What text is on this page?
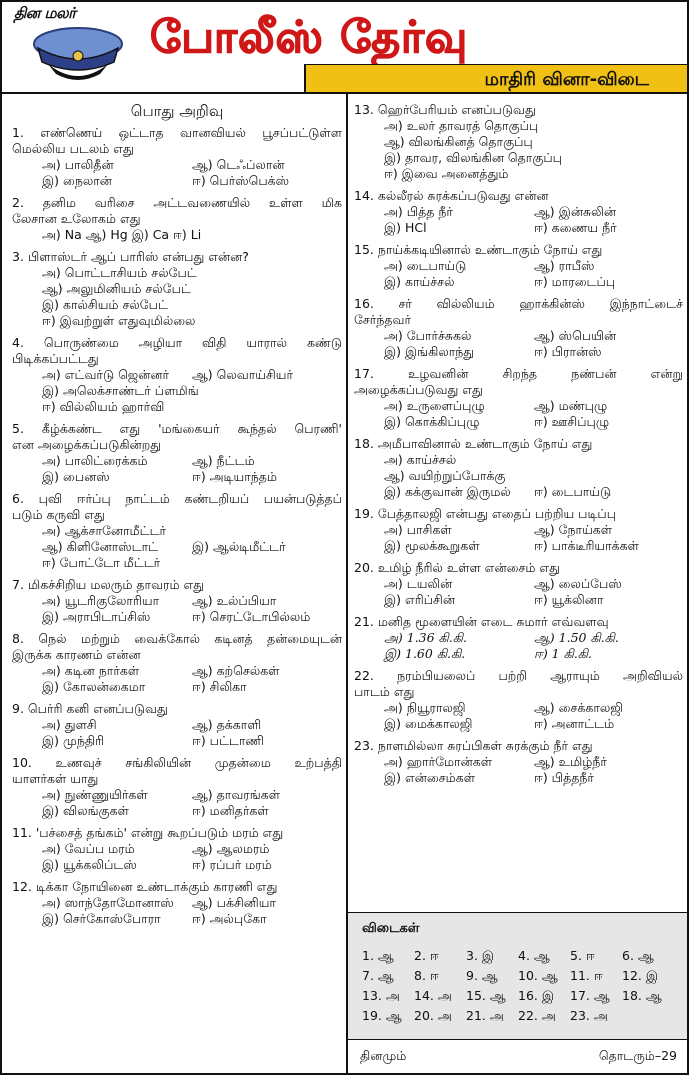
தின மலர் போலீஸ் தேர்வு
மாதிரி வினா-விடை
பொது அறிவு
1. எண்ணெய் ஒட்டாத வானவியல் பூசப்பட்டுள்ள
மெல்லிய படலம் எது
அ) பாலிதீன்	ஆ) டெஃப்லான்
இ) நைலான்	ஈ) பெர்ஸ்பெக்ஸ்
2. தனிம வரிசை அட்டவணையில் உள்ள மிக
லேசான உலோகம் எது
அ) Na ஆ) Hg இ) Ca ஈ) Li
3. பிளாஸ்டர் ஆப் பாரிஸ் என்பது என்ன?
அ) பொட்டாசியம் சல்பேட்
ஆ) அலுமினியம் சல்பேட்
இ) கால்சியம் சல்பேட்
ஈ) இவற்றுள் எதுவுமில்லை
4. பொருண்மை அழியா விதி யாரால் கண்டு
பிடிக்கப்பட்டது
அ) எட்வர்டு ஜென்னர்	ஆ) லெவாய்சியர்
இ) அலெக்சாண்டர் ப்ளமிங்
ஈ) வில்லியம் ஹார்வி
5. கீழ்க்கண்ட எது 'மங்கையர் கூந்தல் பெரணி'
என அழைக்கப்படுகின்றது
அ) பாலிட்ரைக்கம்	ஆ) நீட்டம்
இ) பைனஸ்	ஈ) அடியாந்தம்
6. புவி ஈர்ப்பு நாட்டம் கண்டறியப் பயன்படுத்தப்
படும் கருவி எது
அ) ஆக்சானோமீட்டர்
ஆ) கிளினோஸ்டாட்	இ) ஆல்டிமீட்டர்
ஈ) போட்டோ மீட்டர்
7. மிகச்சிறிய மலரும் தாவரம் எது
அ) யூடரிகுலோரியா	ஆ) உல்ப்பியா
இ) அராபிடாப்சிஸ்	ஈ) செரட்டோபில்லம்
8. நெல் மற்றும் வைக்கோல் கடினத் தன்மையுடன்
இருக்க காரணம் என்ன
அ) கடின நார்கள்	ஆ) கற்செல்கள்
இ) கோலன்கைமா	ஈ) சிலிகா
9. பெர்ரி கனி எனப்படுவது
அ) துளசி	ஆ) தக்காளி
இ) முந்திரி	ஈ) பட்டாணி
10. உணவுச் சங்கிலியின் முதன்மை உற்பத்தி
யாளர்கள் யாது
அ) நுண்ணுயிர்கள்	ஆ) தாவரங்கள்
இ) விலங்குகள்	ஈ) மனிதர்கள்
11. 'பச்சைத் தங்கம்' என்று கூறப்படும் மரம் எது
அ) வேப்ப மரம்	ஆ) ஆலமரம்
இ) யூக்கலிப்டஸ்	ஈ) ரப்பர் மரம்
12. டிக்கா நோயினை உண்டாக்கும் காரணி எது
அ) ஸாந்தோமோனாஸ்	ஆ) பக்சினியா
இ) செர்கோஸ்போரா	ஈ) அல்புகோ
13. ஹெர்பேரியம் எனப்படுவது
அ) உலர் தாவரத் தொகுப்பு
ஆ) விலங்கினத் தொகுப்பு
இ) தாவர, விலங்கின தொகுப்பு
ஈ) இவை அனைத்தும்
14. கல்லீரல் சுரக்கப்படுவது என்ன
அ) பித்த நீர்	ஆ) இன்சுலின்
இ) HCl	ஈ) கணைய நீர்
15. நாய்க்கடியினால் உண்டாகும் நோய் எது
அ) டைபாய்டு	ஆ) ராபீஸ்
இ) காய்ச்சல்	ஈ) மாரடைப்பு
16. சர் வில்லியம் ஹாக்கின்ஸ் இந்நாட்டைச்
சேர்ந்தவர்
அ) போர்ச்சுகல்	ஆ) ஸ்பெயின்
இ) இங்கிலாந்து	ஈ) பிரான்ஸ்
17. உழவனின் சிறந்த நண்பன் என்று
அழைக்கப்படுவது எது
அ) உருளைப்புழு	ஆ) மண்புழு
இ) கொக்கிப்புழு	ஈ) ஊசிப்புழு
18. அமீபாவினால் உண்டாகும் நோய் எது
அ) காய்ச்சல்
ஆ) வயிற்றுப்போக்கு
இ) கக்குவான் இருமல்	ஈ) டைபாய்டு
19. பேத்தாலஜி என்பது எதைப் பற்றிய படிப்பு
அ) பாசிகள்	ஆ) நோய்கள்
இ) மூலக்கூறுகள்	ஈ) பாக்டீரியாக்கள்
20. உமிழ் நீரில் உள்ள என்சைம் எது
அ) டயலின்	ஆ) லைப்பேஸ்
இ) எரிப்சின்	ஈ) யூக்லினா
21. மனித மூளையின் எடை சுமார் எவ்வளவு
அ) 1.36 கி.கி.	ஆ) 1.50 கி.கி.
இ) 1.60 கி.கி.	ஈ) 1 கி.கி.
22. நரம்பியலைப் பற்றி ஆராயும் அறிவியல்
பாடம் எது
அ) நியூராலஜி	ஆ) சைக்காலஜி
இ) மைக்காலஜி	ஈ) அனாட்டம்
23. நாளமில்லா சுரப்பிகள் சுரக்கும் நீர் எது
அ) ஹார்மோன்கள்	ஆ) உமிழ்நீர்
இ) என்சைம்கள்	ஈ) பித்தநீர்
விடைகள்
1. ஆ	2. ஈ	3. இ	4. ஆ	5. ஈ	6. ஆ
7. ஆ	8. ஈ	9. ஆ	10. ஆ 11. ஈ	12. இ
13. அ	14. அ	15. ஆ 16. இ	17. ஆ 18. ஆ
19. ஆ 20. அ	21. அ	22. அ	23. அ
தினமும்	தொடரும்–29
